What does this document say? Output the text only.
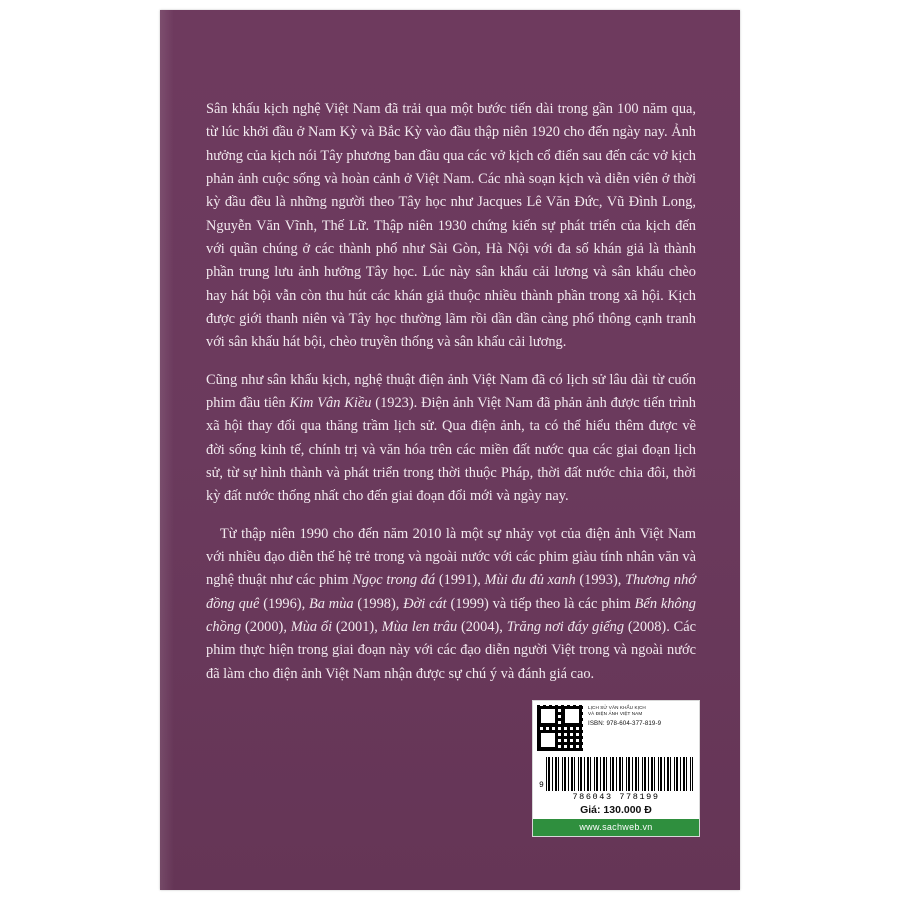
Sân khấu kịch nghệ Việt Nam đã trải qua một bước tiến dài trong gần 100 năm qua, từ lúc khởi đầu ở Nam Kỳ và Bắc Kỳ vào đầu thập niên 1920 cho đến ngày nay. Ảnh hưởng của kịch nói Tây phương ban đầu qua các vở kịch cổ điển sau đến các vở kịch phản ảnh cuộc sống và hoàn cảnh ở Việt Nam. Các nhà soạn kịch và diễn viên ở thời kỳ đầu đều là những người theo Tây học như Jacques Lê Văn Đức, Vũ Đình Long, Nguyễn Văn Vĩnh, Thế Lữ. Thập niên 1930 chứng kiến sự phát triển của kịch đến với quần chúng ở các thành phố như Sài Gòn, Hà Nội với đa số khán giả là thành phần trung lưu ảnh hưởng Tây học. Lúc này sân khấu cải lương và sân khấu chèo hay hát bội vẫn còn thu hút các khán giả thuộc nhiều thành phần trong xã hội. Kịch được giới thanh niên và Tây học thường lãm rồi dần dần càng phổ thông cạnh tranh với sân khấu hát bội, chèo truyền thống và sân khấu cải lương.

Cũng như sân khấu kịch, nghệ thuật điện ảnh Việt Nam đã có lịch sử lâu dài từ cuốn phim đầu tiên Kim Vân Kiều (1923). Điện ảnh Việt Nam đã phản ảnh được tiến trình xã hội thay đổi qua thăng trầm lịch sử. Qua điện ảnh, ta có thể hiểu thêm được về đời sống kinh tế, chính trị và văn hóa trên các miền đất nước qua các giai đoạn lịch sử, từ sự hình thành và phát triển trong thời thuộc Pháp, thời đất nước chia đôi, thời kỳ đất nước thống nhất cho đến giai đoạn đổi mới và ngày nay.

Từ thập niên 1990 cho đến năm 2010 là một sự nhảy vọt của điện ảnh Việt Nam với nhiều đạo diễn thế hệ trẻ trong và ngoài nước với các phim giàu tính nhân văn và nghệ thuật như các phim Ngọc trong đá (1991), Mùi đu đủ xanh (1993), Thương nhớ đồng quê (1996), Ba mùa (1998), Đời cát (1999) và tiếp theo là các phim Bến không chồng (2000), Mùa ổi (2001), Mùa len trâu (2004), Trăng nơi đáy giếng (2008). Các phim thực hiện trong giai đoạn này với các đạo diễn người Việt trong và ngoài nước đã làm cho điện ảnh Việt Nam nhận được sự chú ý và đánh giá cao.

LỊCH SỬ VĂN KHẨU KỊCH
VÀ ĐIỆN ẢNH VIỆT NAM
ISBN: 978-604-377-819-9
9
786043 778199
Giá: 130.000 Đ
www.sachweb.vn
